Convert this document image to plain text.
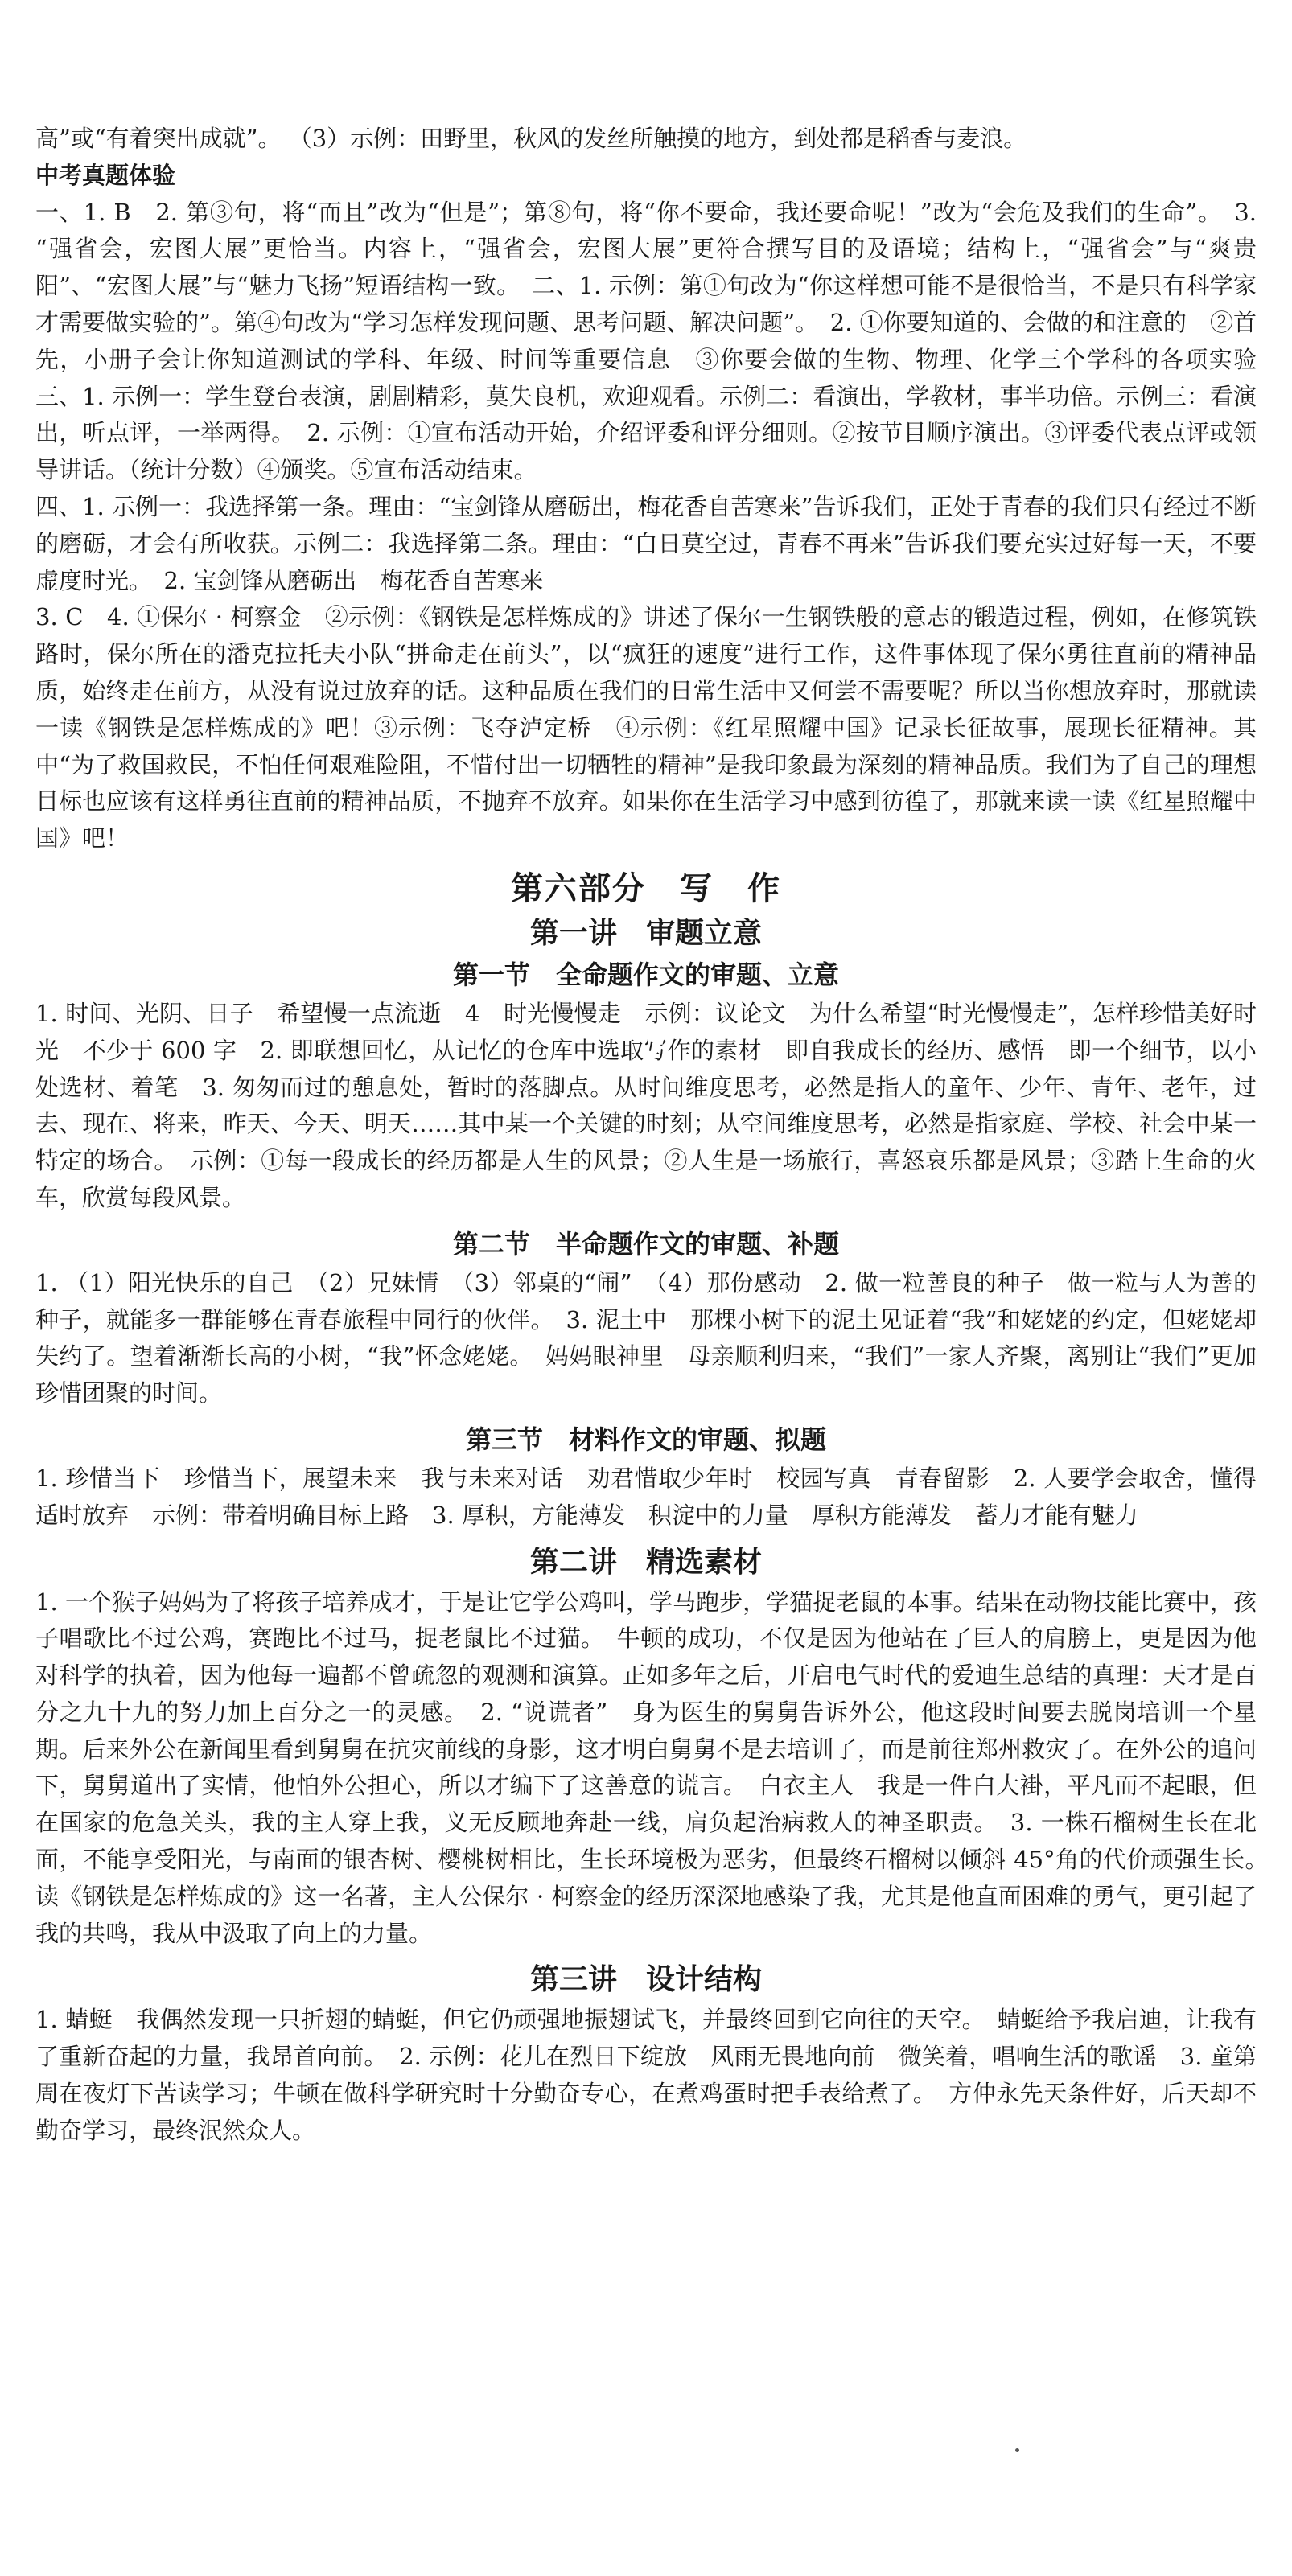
高”或“有着突出成就”。 （3）示例：田野里，秋风的发丝所触摸的地方，到处都是稻香与麦浪。

中考真题体验

一、1. B　2. 第③句，将“而且”改为“但是”；第⑧句，将“你不要命，我还要命呢！”改为“会危及我们的生命”。　3. “强省会，宏图大展”更恰当。内容上，“强省会，宏图大展”更符合撰写目的及语境；结构上，“强省会”与“爽贵阳”、“宏图大展”与“魅力飞扬”短语结构一致。　二、1. 示例：第①句改为“你这样想可能不是很恰当，不是只有科学家才需要做实验的”。第④句改为“学习怎样发现问题、思考问题、解决问题”。　2. ①你要知道的、会做的和注意的　②首先，小册子会让你知道测试的学科、年级、时间等重要信息　③你要会做的生物、物理、化学三个学科的各项实验　三、1. 示例一：学生登台表演，剧剧精彩，莫失良机，欢迎观看。示例二：看演出，学教材，事半功倍。示例三：看演出，听点评，一举两得。　2. 示例：①宣布活动开始，介绍评委和评分细则。②按节目顺序演出。③评委代表点评或领导讲话。（统计分数）④颁奖。⑤宣布活动结束。

四、1. 示例一：我选择第一条。理由：“宝剑锋从磨砺出，梅花香自苦寒来”告诉我们，正处于青春的我们只有经过不断的磨砺，才会有所收获。示例二：我选择第二条。理由：“白日莫空过，青春不再来”告诉我们要充实过好每一天，不要虚度时光。　2. 宝剑锋从磨砺出　梅花香自苦寒来

3. C　4. ①保尔 · 柯察金　②示例：《钢铁是怎样炼成的》讲述了保尔一生钢铁般的意志的锻造过程，例如，在修筑铁路时，保尔所在的潘克拉托夫小队“拼命走在前头”，以“疯狂的速度”进行工作，这件事体现了保尔勇往直前的精神品质，始终走在前方，从没有说过放弃的话。这种品质在我们的日常生活中又何尝不需要呢？所以当你想放弃时，那就读一读《钢铁是怎样炼成的》吧！③示例：飞夺泸定桥　④示例：《红星照耀中国》记录长征故事，展现长征精神。其中“为了救国救民，不怕任何艰难险阻，不惜付出一切牺牲的精神”是我印象最为深刻的精神品质。我们为了自己的理想目标也应该有这样勇往直前的精神品质，不抛弃不放弃。如果你在生活学习中感到彷徨了，那就来读一读《红星照耀中国》吧！

第六部分　写　作
第一讲　审题立意
第一节　全命题作文的审题、立意

1. 时间、光阴、日子　希望慢一点流逝　4　时光慢慢走　示例：议论文　为什么希望“时光慢慢走”，怎样珍惜美好时光　不少于 600 字　2. 即联想回忆，从记忆的仓库中选取写作的素材　即自我成长的经历、感悟　即一个细节，以小处选材、着笔　3. 匆匆而过的憩息处，暂时的落脚点。从时间维度思考，必然是指人的童年、少年、青年、老年，过去、现在、将来，昨天、今天、明天……其中某一个关键的时刻；从空间维度思考，必然是指家庭、学校、社会中某一特定的场合。　示例：①每一段成长的经历都是人生的风景；②人生是一场旅行，喜怒哀乐都是风景；③踏上生命的火车，欣赏每段风景。

第二节　半命题作文的审题、补题

1. （1）阳光快乐的自己　（2）兄妹情　（3）邻桌的“闹”　（4）那份感动　2. 做一粒善良的种子　做一粒与人为善的种子，就能多一群能够在青春旅程中同行的伙伴。　3. 泥土中　那棵小树下的泥土见证着“我”和姥姥的约定，但姥姥却失约了。望着渐渐长高的小树，“我”怀念姥姥。　妈妈眼神里　母亲顺利归来，“我们”一家人齐聚，离别让“我们”更加珍惜团聚的时间。

第三节　材料作文的审题、拟题

1. 珍惜当下　珍惜当下，展望未来　我与未来对话　劝君惜取少年时　校园写真　青春留影　2. 人要学会取舍，懂得适时放弃　示例：带着明确目标上路　3. 厚积，方能薄发　积淀中的力量　厚积方能薄发　蓄力才能有魅力

第二讲　精选素材

1. 一个猴子妈妈为了将孩子培养成才，于是让它学公鸡叫，学马跑步，学猫捉老鼠的本事。结果在动物技能比赛中，孩子唱歌比不过公鸡，赛跑比不过马，捉老鼠比不过猫。　牛顿的成功，不仅是因为他站在了巨人的肩膀上，更是因为他对科学的执着，因为他每一遍都不曾疏忽的观测和演算。正如多年之后，开启电气时代的爱迪生总结的真理：天才是百分之九十九的努力加上百分之一的灵感。　2. “说谎者”　身为医生的舅舅告诉外公，他这段时间要去脱岗培训一个星期。后来外公在新闻里看到舅舅在抗灾前线的身影，这才明白舅舅不是去培训了，而是前往郑州救灾了。在外公的追问下，舅舅道出了实情，他怕外公担心，所以才编下了这善意的谎言。　白衣主人　我是一件白大褂，平凡而不起眼，但在国家的危急关头，我的主人穿上我，义无反顾地奔赴一线，肩负起治病救人的神圣职责。　3. 一株石榴树生长在北面，不能享受阳光，与南面的银杏树、樱桃树相比，生长环境极为恶劣，但最终石榴树以倾斜 45°角的代价顽强生长。　读《钢铁是怎样炼成的》这一名著，主人公保尔 · 柯察金的经历深深地感染了我，尤其是他直面困难的勇气，更引起了我的共鸣，我从中汲取了向上的力量。

第三讲　设计结构

1. 蜻蜓　我偶然发现一只折翅的蜻蜓，但它仍顽强地振翅试飞，并最终回到它向往的天空。　蜻蜓给予我启迪，让我有了重新奋起的力量，我昂首向前。　2. 示例：花儿在烈日下绽放　风雨无畏地向前　微笑着，唱响生活的歌谣　3. 童第周在夜灯下苦读学习；牛顿在做科学研究时十分勤奋专心，在煮鸡蛋时把手表给煮了。　方仲永先天条件好，后天却不勤奋学习，最终泯然众人。
